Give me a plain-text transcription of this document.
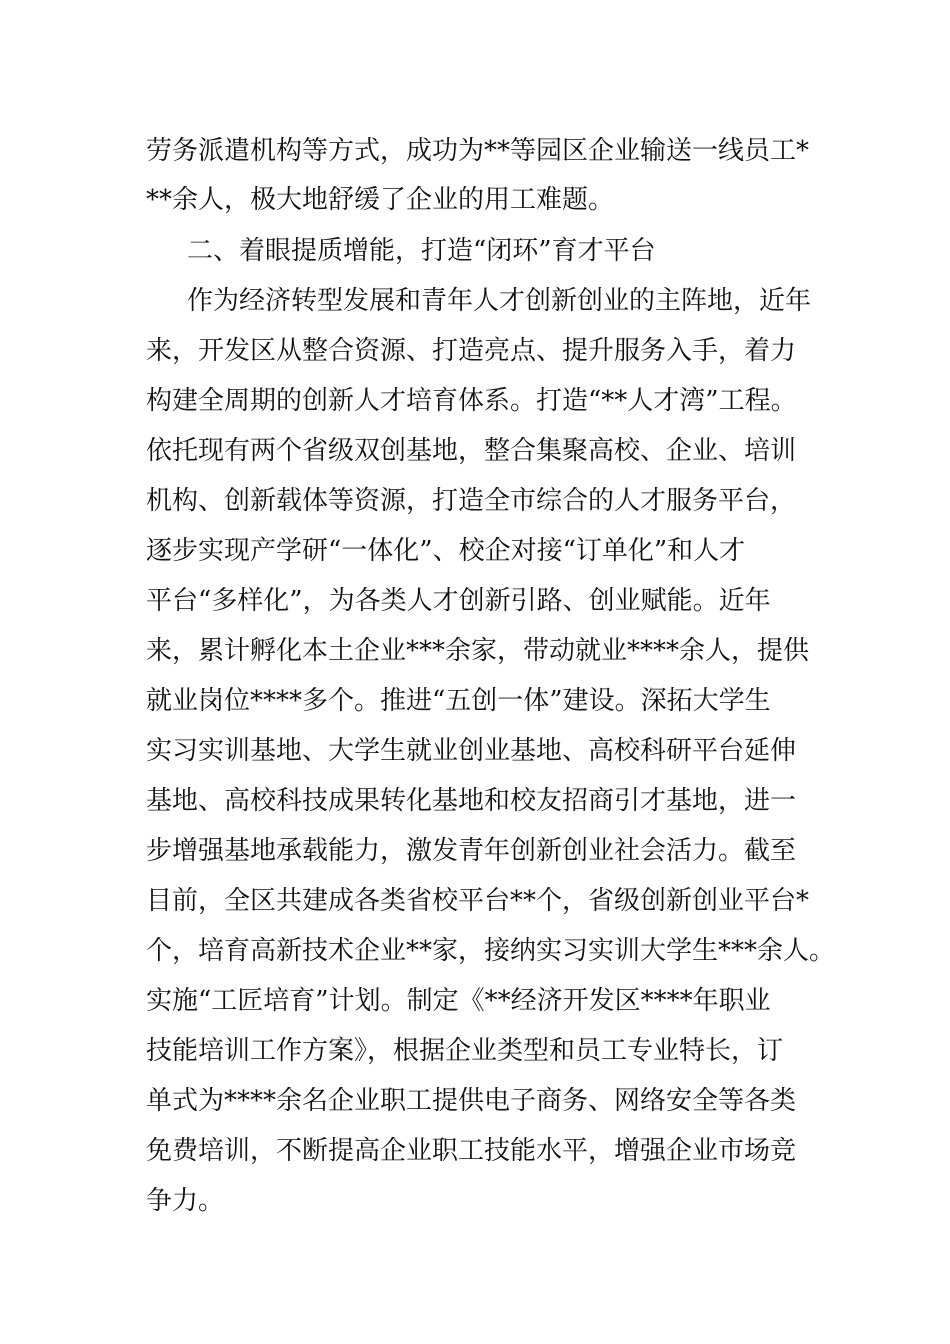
劳务派遣机构等方式，成功为**等园区企业输送一线员工*
**余人，极大地舒缓了企业的用工难题。
二、着眼提质增能，打造“闭环”育才平台
作为经济转型发展和青年人才创新创业的主阵地，近年
来，开发区从整合资源、打造亮点、提升服务入手，着力
构建全周期的创新人才培育体系。打造“**人才湾”工程。
依托现有两个省级双创基地，整合集聚高校、企业、培训
机构、创新载体等资源，打造全市综合的人才服务平台，
逐步实现产学研“一体化”、校企对接“订单化”和人才
平台“多样化”，为各类人才创新引路、创业赋能。近年
来，累计孵化本土企业***余家，带动就业****余人，提供
就业岗位****多个。推进“五创一体”建设。深拓大学生
实习实训基地、大学生就业创业基地、高校科研平台延伸
基地、高校科技成果转化基地和校友招商引才基地，进一
步增强基地承载能力，激发青年创新创业社会活力。截至
目前，全区共建成各类省校平台**个，省级创新创业平台*
个，培育高新技术企业**家，接纳实习实训大学生***余人。
实施“工匠培育”计划。制定《**经济开发区****年职业
技能培训工作方案》，根据企业类型和员工专业特长，订
单式为****余名企业职工提供电子商务、网络安全等各类
免费培训，不断提高企业职工技能水平，增强企业市场竞
争力。
